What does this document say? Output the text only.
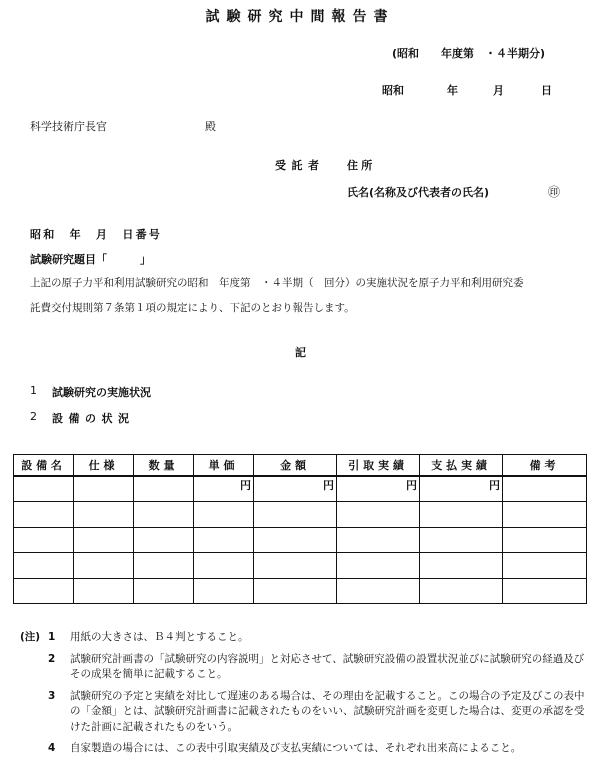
試験研究中間報告書
(昭和　　年度第　・４半期分)
昭和	年	月	日
科学技術庁長官	殿
受託者 住所
氏名(名称及び代表者の氏名)	㊞
昭和　年　月　日番号
試験研究題目「　　　」
上記の原子力平和利用試験研究の昭和　年度第　・４半期（　回分）の実施状況を原子力平和利用研究委
託費交付規則第７条第１項の規定により、下記のとおり報告します。
記
1 試験研究の実施状況
2 設備の状況
設備名	仕様	数量	単価	金額	引取実績	支払実績	備考
			円	円	円	円	

(注) 1 用紙の大きさは、Ｂ４判とすること。
2 試験研究計画書の「試験研究の内容説明」と対応させて、試験研究設備の設置状況並びに試験研究の経過及びその成果を簡単に記載すること。
3 試験研究の予定と実績を対比して遅速のある場合は、その理由を記載すること。この場合の予定及びこの表中の「金額」とは、試験研究計画書に記載されたものをいい、試験研究計画を変更した場合は、変更の承認を受けた計画に記載されたものをいう。
4 自家製造の場合には、この表中引取実績及び支払実績については、それぞれ出来高によること。
